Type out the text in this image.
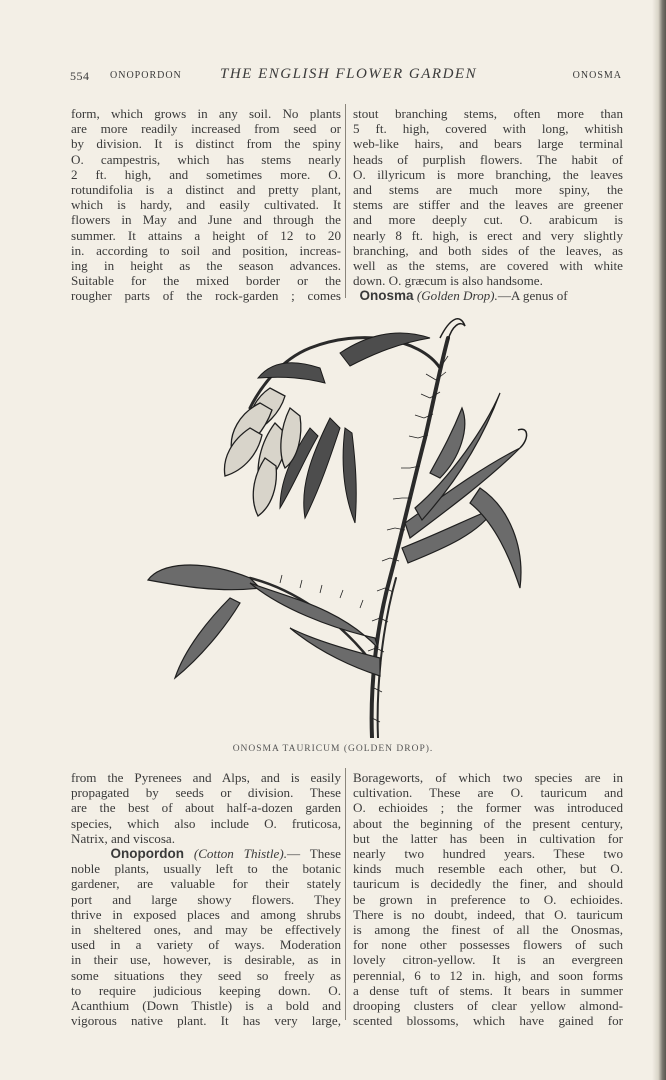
554 ONOPORDON	THE ENGLISH FLOWER GARDEN	ONOSMA
form, which grows in any soil. No plants
are more readily increased from seed or
by division. It is distinct from the spiny
O. campestris, which has stems nearly
2 ft. high, and sometimes more. O.
rotundifolia is a distinct and pretty plant,
which is hardy, and easily cultivated. It
flowers in May and June and through the
summer. It attains a height of 12 to 20
in. according to soil and position, increas-
ing in height as the season advances.
Suitable for the mixed border or the
rougher parts of the rock-garden ; comes
stout branching stems, often more than
5 ft. high, covered with long, whitish
web-like hairs, and bears large terminal
heads of purplish flowers. The habit of
O. illyricum is more branching, the leaves
and stems are much more spiny, the
stems are stiffer and the leaves are greener
and more deeply cut. O. arabicum is
nearly 8 ft. high, is erect and very slightly
branching, and both sides of the leaves, as
well as the stems, are covered with white
down. O. græcum is also handsome.
Onosma (Golden Drop).—A genus of
ONOSMA TAURICUM (GOLDEN DROP).
from the Pyrenees and Alps, and is easily
propagated by seeds or division. These
are the best of about half-a-dozen garden
species, which also include O. fruticosa,
Natrix, and viscosa.
Onopordon (Cotton Thistle).— These
noble plants, usually left to the botanic
gardener, are valuable for their stately
port and large showy flowers. They
thrive in exposed places and among shrubs
in sheltered ones, and may be effectively
used in a variety of ways. Moderation
in their use, however, is desirable, as in
some situations they seed so freely as
to require judicious keeping down. O.
Acanthium (Down Thistle) is a bold and
vigorous native plant. It has very large,
Borageworts, of which two species are in
cultivation. These are O. tauricum and
O. echioides ; the former was introduced
about the beginning of the present century,
but the latter has been in cultivation for
nearly two hundred years. These two
kinds much resemble each other, but O.
tauricum is decidedly the finer, and should
be grown in preference to O. echioides.
There is no doubt, indeed, that O. tauricum
is among the finest of all the Onosmas,
for none other possesses flowers of such
lovely citron-yellow. It is an evergreen
perennial, 6 to 12 in. high, and soon forms
a dense tuft of stems. It bears in summer
drooping clusters of clear yellow almond-
scented blossoms, which have gained for
